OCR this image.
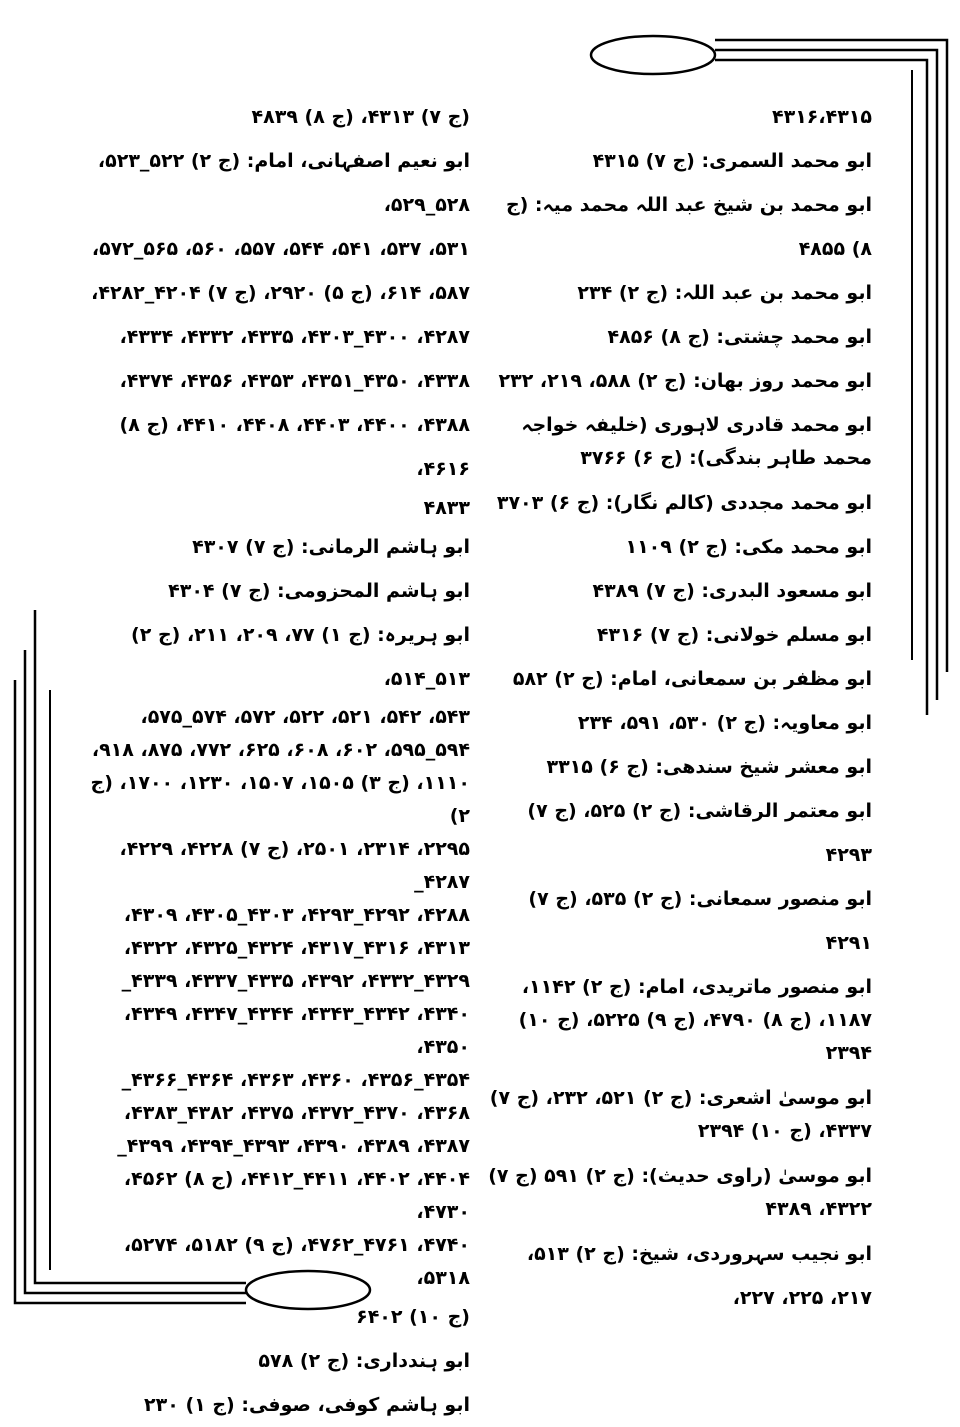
۴۳۱۶،۴۳۱۵
ابو محمد السمری: (ج ۷) ۴۳۱۵
ابو محمد بن شیخ عبد اللہ محمد میہ: (ج ۸) ۴۸۵۵
ابو محمد بن عبد اللہ: (ج ۲) ۲۳۴
ابو محمد چشتی: (ج ۸) ۴۸۵۶
ابو محمد روز بھان: (ج ۲) ۵۸۸، ۲۱۹، ۲۳۲
ابو محمد قادری لاہوری (خلیفہ خواجہ محمد طاہر بندگی): (ج ۶) ۳۷۶۶
ابو محمد مجددی (کالم نگار): (ج ۶) ۳۷۰۳
ابو محمد مکی: (ج ۲) ۱۱۰۹
ابو مسعود البدری: (ج ۷) ۴۳۸۹
ابو مسلم خولانی: (ج ۷) ۴۳۱۶
ابو مظفر بن سمعانی، امام: (ج ۲) ۵۸۲
ابو معاویہ: (ج ۲) ۵۳۰، ۵۹۱، ۲۳۴
ابو معشر شیخ سندھی: (ج ۶) ۳۳۱۵
ابو معتمر الرقاشی: (ج ۲) ۵۲۵، (ج ۷) ۴۲۹۳
ابو منصور سمعانی: (ج ۲) ۵۳۵، (ج ۷) ۴۲۹۱
ابو منصور ماتریدی، امام: (ج ۲) ۱۱۴۲، ۱۱۸۷، (ج ۸) ۴۷۹۰، (ج ۹) ۵۲۲۵، (ج ۱۰) ۲۳۹۴
ابو موسیٰ اشعری: (ج ۲) ۵۲۱، ۲۳۲، (ج ۷) ۴۳۳۷، (ج ۱۰) ۲۳۹۴
ابو موسیٰ (راوی حدیث): (ج ۲) ۵۹۱ (ج ۷) ۴۳۲۲، ۴۳۸۹
ابو نجیب سہروردی، شیخ: (ج ۲) ۵۱۳، ۲۱۷، ۲۲۵، ۲۲۷،
(ج ۷) ۴۳۱۳، (ج ۸) ۴۸۳۹
ابو نعیم اصفہانی، امام: (ج ۲) ۵۲۲_۵۲۳، ۵۲۸_۵۲۹،
۵۳۱، ۵۳۷، ۵۴۱، ۵۴۴، ۵۵۷، ۵۶۰، ۵۶۵_۵۷۲،
۵۸۷، ۶۱۴، (ج ۵) ۲۹۲۰، (ج ۷) ۴۲۰۴_۴۲۸۲،
۴۲۸۷، ۴۳۰۰_۴۳۰۳، ۴۳۳۵، ۴۳۳۲، ۴۳۳۴،
۴۳۳۸، ۴۳۵۰_۴۳۵۱، ۴۳۵۳، ۴۳۵۶، ۴۳۷۴،
۴۳۸۸، ۴۴۰۰، ۴۴۰۳، ۴۴۰۸، ۴۴۱۰، (ج ۸) ۴۶۱۶،
۴۸۳۳
ابو ہاشم الرمانی: (ج ۷) ۴۳۰۷
ابو ہاشم المحزومی: (ج ۷) ۴۳۰۴
ابو ہریرہ: (ج ۱) ۷۷، ۲۰۹، ۲۱۱، (ج ۲) ۵۱۳_۵۱۴،
۵۴۳، ۵۴۲، ۵۲۱، ۵۲۲، ۵۷۲، ۵۷۴_۵۷۵،
۵۹۴_۵۹۵، ۶۰۲، ۶۰۸، ۶۲۵، ۷۷۲، ۸۷۵، ۹۱۸،
۱۱۱۰، (ج ۳) ۱۵۰۵، ۱۵۰۷، ۱۲۳۰، ۱۷۰۰، (ج ۲)
۲۲۹۵، ۲۳۱۴، ۲۵۰۱، (ج ۷) ۴۲۲۸، ۴۲۲۹، ۴۲۸۷_
۴۲۸۸، ۴۲۹۲_۴۲۹۳، ۴۳۰۳_۴۳۰۵، ۴۳۰۹،
۴۳۱۳، ۴۳۱۶_۴۳۱۷، ۴۳۲۴_۴۳۲۵، ۴۳۲۲،
۴۳۲۹_۴۳۳۲، ۴۳۹۲، ۴۳۳۵_۴۳۳۷، ۴۳۳۹_
۴۳۴۰، ۴۳۴۲_۴۳۴۳، ۴۳۴۴_۴۳۴۷، ۴۳۴۹، ۴۳۵۰،
۴۳۵۴_۴۳۵۶، ۴۳۶۰، ۴۳۶۳، ۴۳۶۴_۴۳۶۶_
۴۳۶۸، ۴۳۷۰_۴۳۷۲، ۴۳۷۵، ۴۳۸۲_۴۳۸۳،
۴۳۸۷، ۴۳۸۹، ۴۳۹۰، ۴۳۹۳_۴۳۹۴، ۴۳۹۹_
۴۴۰۴، ۴۴۰۲، ۴۴۱۱_۴۴۱۲، (ج ۸) ۴۵۶۲، ۴۷۳۰،
۴۷۴۰، ۴۷۶۱_۴۷۶۲، (ج ۹) ۵۱۸۲، ۵۲۷۴، ۵۳۱۸،
(ج ۱۰) ۶۴۰۲
ابو ہندداری: (ج ۲) ۵۷۸
ابو ہاشم کوفی، صوفی: (ج ۱) ۲۳۰
